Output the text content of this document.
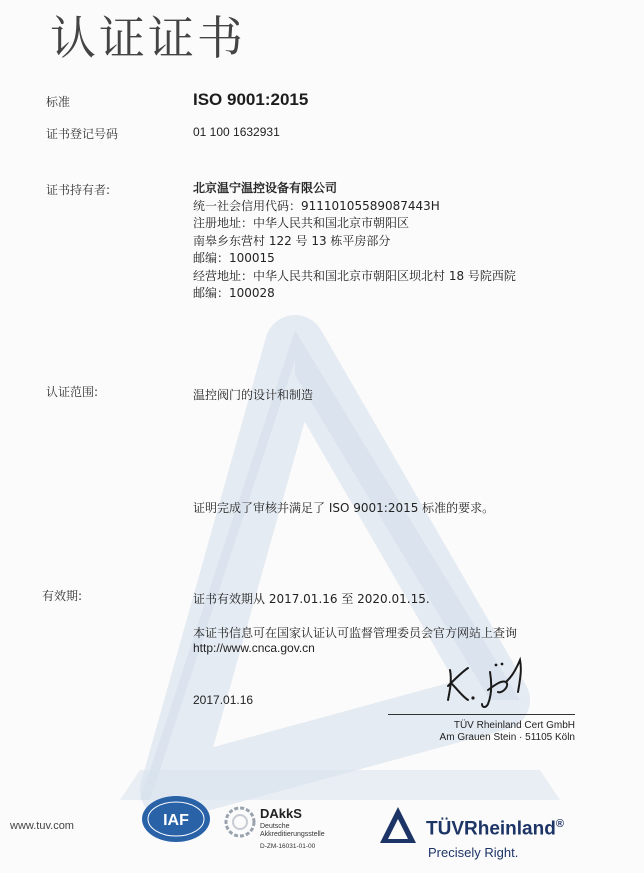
认证证书
标准	ISO 9001:2015
证书登记号码	01 100 1632931
证书持有者:	北京温宁温控设备有限公司
统一社会信用代码：91110105589087443H
注册地址：中华人民共和国北京市朝阳区
南皋乡东营村 122 号 13 栋平房部分
邮编：100015
经营地址：中华人民共和国北京市朝阳区坝北村 18 号院西院
邮编：100028
认证范围:	温控阀门的设计和制造
证明完成了审核并满足了 ISO 9001:2015 标准的要求。
有效期:	证书有效期从 2017.01.16 至 2020.01.15.
本证书信息可在国家认证认可监督管理委员会官方网站上查询
http://www.cnca.gov.cn
2017.01.16
TÜV Rheinland Cert GmbH
Am Grauen Stein · 51105 Köln
www.tuv.com	IAF	DAkkS
Deutsche
Akkreditierungsstelle
D-ZM-16031-01-00
TÜVRheinland®
Precisely Right.
